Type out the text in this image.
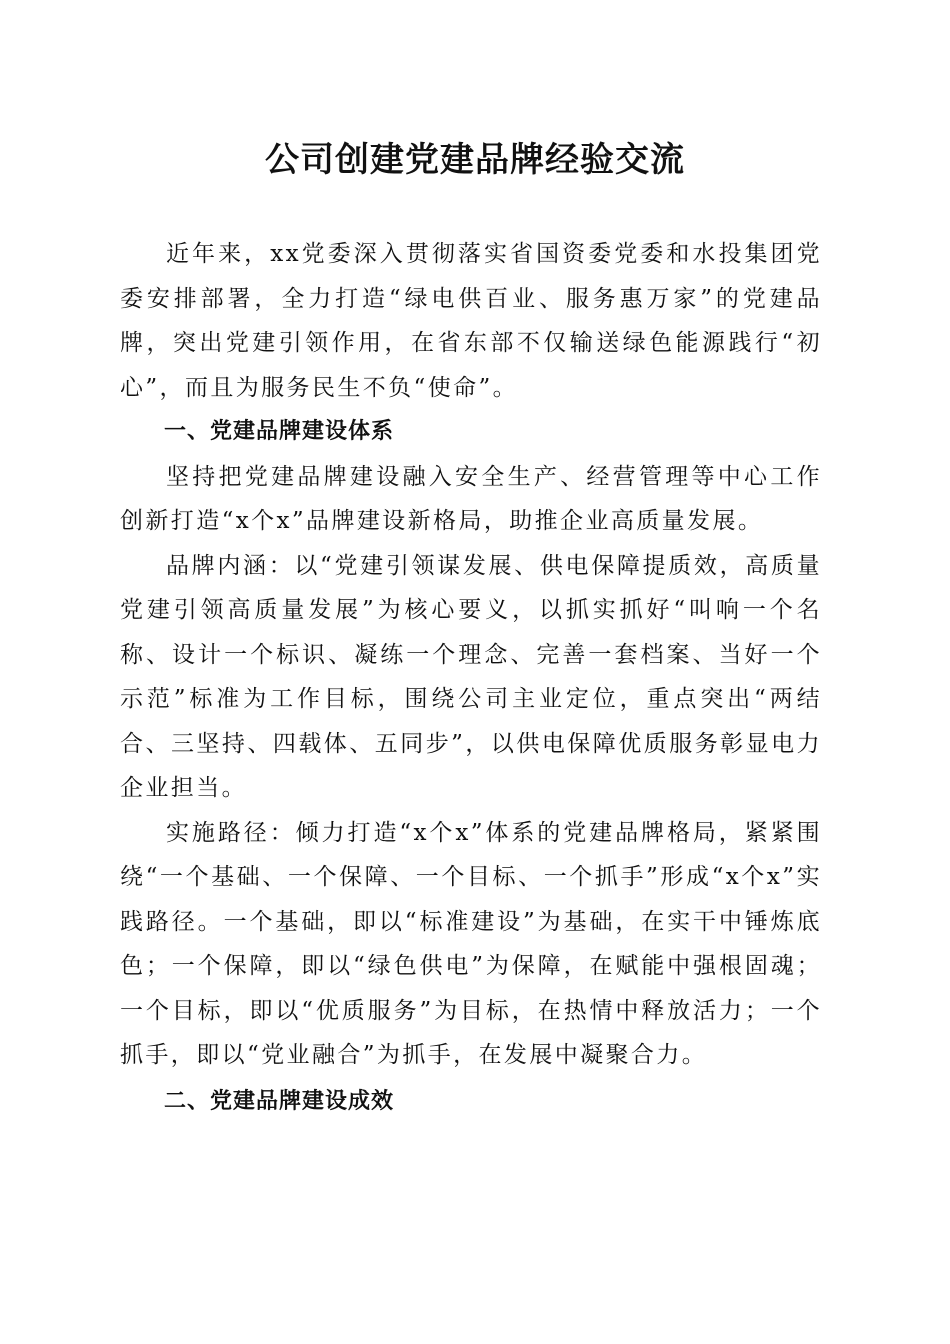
公司创建党建品牌经验交流

近年来，xx党委深入贯彻落实省国资委党委和水投集团党委安排部署，全力打造“绿电供百业、服务惠万家”的党建品牌，突出党建引领作用，在省东部不仅输送绿色能源践行“初心”，而且为服务民生不负“使命”。

一、党建品牌建设体系

坚持把党建品牌建设融入安全生产、经营管理等中心工作创新打造“x个x”品牌建设新格局，助推企业高质量发展。

品牌内涵：以“党建引领谋发展、供电保障提质效，高质量党建引领高质量发展”为核心要义，以抓实抓好“叫响一个名称、设计一个标识、凝练一个理念、完善一套档案、当好一个示范”标准为工作目标，围绕公司主业定位，重点突出“两结合、三坚持、四载体、五同步”，以供电保障优质服务彰显电力企业担当。

实施路径：倾力打造“x个x”体系的党建品牌格局，紧紧围绕“一个基础、一个保障、一个目标、一个抓手”形成“x个x”实践路径。一个基础，即以“标准建设”为基础，在实干中锤炼底色；一个保障，即以“绿色供电”为保障，在赋能中强根固魂；一个目标，即以“优质服务”为目标，在热情中释放活力；一个抓手，即以“党业融合”为抓手，在发展中凝聚合力。

二、党建品牌建设成效
